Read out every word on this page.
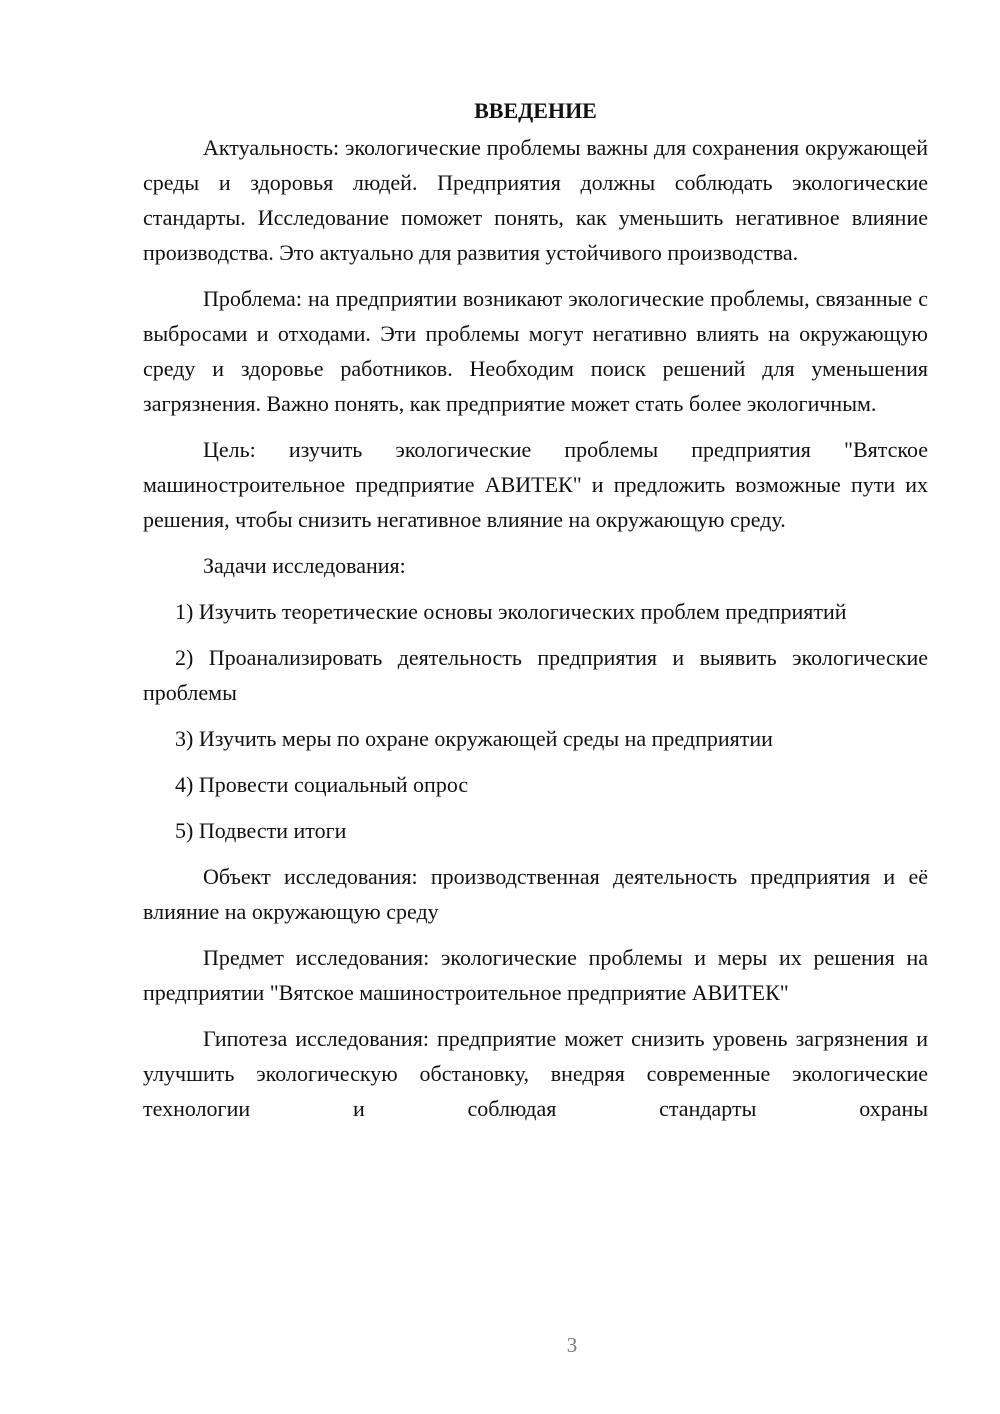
ВВЕДЕНИЕ

Актуальность: экологические проблемы важны для сохранения окружающей среды и здоровья людей. Предприятия должны соблюдать экологические стандарты. Исследование поможет понять, как уменьшить негативное влияние производства. Это актуально для развития устойчивого производства.

Проблема: на предприятии возникают экологические проблемы, связанные с выбросами и отходами. Эти проблемы могут негативно влиять на окружающую среду и здоровье работников. Необходим поиск решений для уменьшения загрязнения. Важно понять, как предприятие может стать более экологичным.

Цель: изучить экологические проблемы предприятия "Вятское машиностроительное предприятие АВИТЕК" и предложить возможные пути их решения, чтобы снизить негативное влияние на окружающую среду.

Задачи исследования:

1) Изучить теоретические основы экологических проблем предприятий

2) Проанализировать деятельность предприятия и выявить экологические проблемы

3) Изучить меры по охране окружающей среды на предприятии

4) Провести социальный опрос

5) Подвести итоги

Объект исследования: производственная деятельность предприятия и её влияние на окружающую среду

Предмет исследования: экологические проблемы и меры их решения на предприятии "Вятское машиностроительное предприятие АВИТЕК"

Гипотеза исследования: предприятие может снизить уровень загрязнения и улучшить экологическую обстановку, внедряя современные экологические технологии и соблюдая стандарты охраны

3
